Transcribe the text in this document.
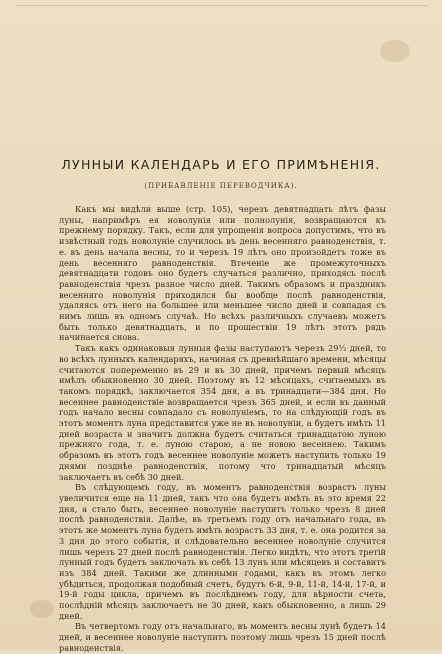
ЛУННЫИ КАЛЕНДАРЬ И ЕГО ПРИМѢНЕНІЯ.
(ПРИБАВЛЕНІЕ ПЕРЕВОДЧИКА).

Какъ мы видѣли выше (стр. 105), черезъ девятнадцать лѣтъ фазы луны, напримѣръ ея новолунія или полнолунія, возвращаются къ прежнему порядку. Такъ, если для упрощенія вопроса допустимъ, что въ извѣстный годъ новолуніе случилось въ день весенняго равноденствія, т. е. въ день начала весны, то и черезъ 19 лѣтъ оно произойдетъ тоже въ день весенняго равноденствія. Втеченіе же промежуточныхъ девятнадцати годовъ оно будетъ случаться различно, приходясь послѣ равноденствія чрезъ разное число дней. Такимъ образомъ и праздникъ весенняго новолунія приходился бы вообще послѣ равноденствія, удаляясь отъ него на большее или меньшее число дней и совпадая съ нимъ лишь въ одномъ случаѣ. Но всѣхъ различныхъ случаевъ можетъ быть только девятнадцать, и по прошествіи 19 лѣтъ этотъ рядъ начинается снова.

Такъ какъ одинаковыя лунныя фазы наступаютъ черезъ 29½ дней, то во всѣхъ лунныхъ календаряхъ, начиная съ древнѣйшаго времени, мѣсяцы считаются попеременно въ 29 и въ 30 дней, причемъ первый мѣсяцъ имѣлъ обыкновенно 30 дней. Поэтому въ 12 мѣсяцахъ, считаемыхъ въ такомъ порядкѣ, заключается 354 дня, а въ тринадцати—384 дня. Но весеннее равноденствіе возвращается чрезъ 365 дней, и если въ данный годъ начало весны совпадало съ новолуніемъ, то на слѣдующій годъ въ этотъ моментъ луна представится уже не въ новолуніи, а будетъ имѣть 11 дней возраста и значитъ должна будетъ считаться тринадцатою луною прежняго года, т. е. луною старою, а не новою весеннею. Такимъ образомъ въ этотъ годъ весеннее новолуніе можетъ наступить только 19 днями позднѣе равноденствія, потому что тринадцатый мѣсяцъ заключаетъ въ себѣ 30 дней.

Въ слѣдующемъ году, въ моментъ равноденствія возрастъ луны увеличится еще на 11 дней, такъ что она будетъ имѣть въ это время 22 дня, а стало быть, весеннее новолуніе наступитъ только чрезъ 8 дней послѣ равноденствія. Далѣе, въ третьемъ году отъ начальнаго года, въ этотъ же моментъ луна будетъ имѣть возрастъ 33 дня, т. е. она родится за 3 дня до этого событія, и слѣдовательно весеннее новолуніе случится лишь черезъ 27 дней послѣ равноденствія. Легко видѣть, что этотъ третій лунный годъ будетъ заключать въ себѣ 13 лунъ или мѣсяцевъ и составитъ изъ 384 дней. Такими же длинными годами, какъ въ этомъ легко убѣдиться, продолжая подобный счетъ, будутъ 6-й, 9-й, 11-й, 14-й, 17-й, и 19-й годы цикла, причемъ въ послѣднемъ году, для вѣрности счета, послѣдній мѣсяцъ заключаетъ не 30 дней, какъ обыкновенно, а лишь 29 дней.

Въ четвертомъ году отъ начальнаго, въ моментъ весны лунѣ будетъ 14 дней, и весеннее новолуніе наступитъ поэтому лишь чрезъ 15 дней послѣ равноденствія.
